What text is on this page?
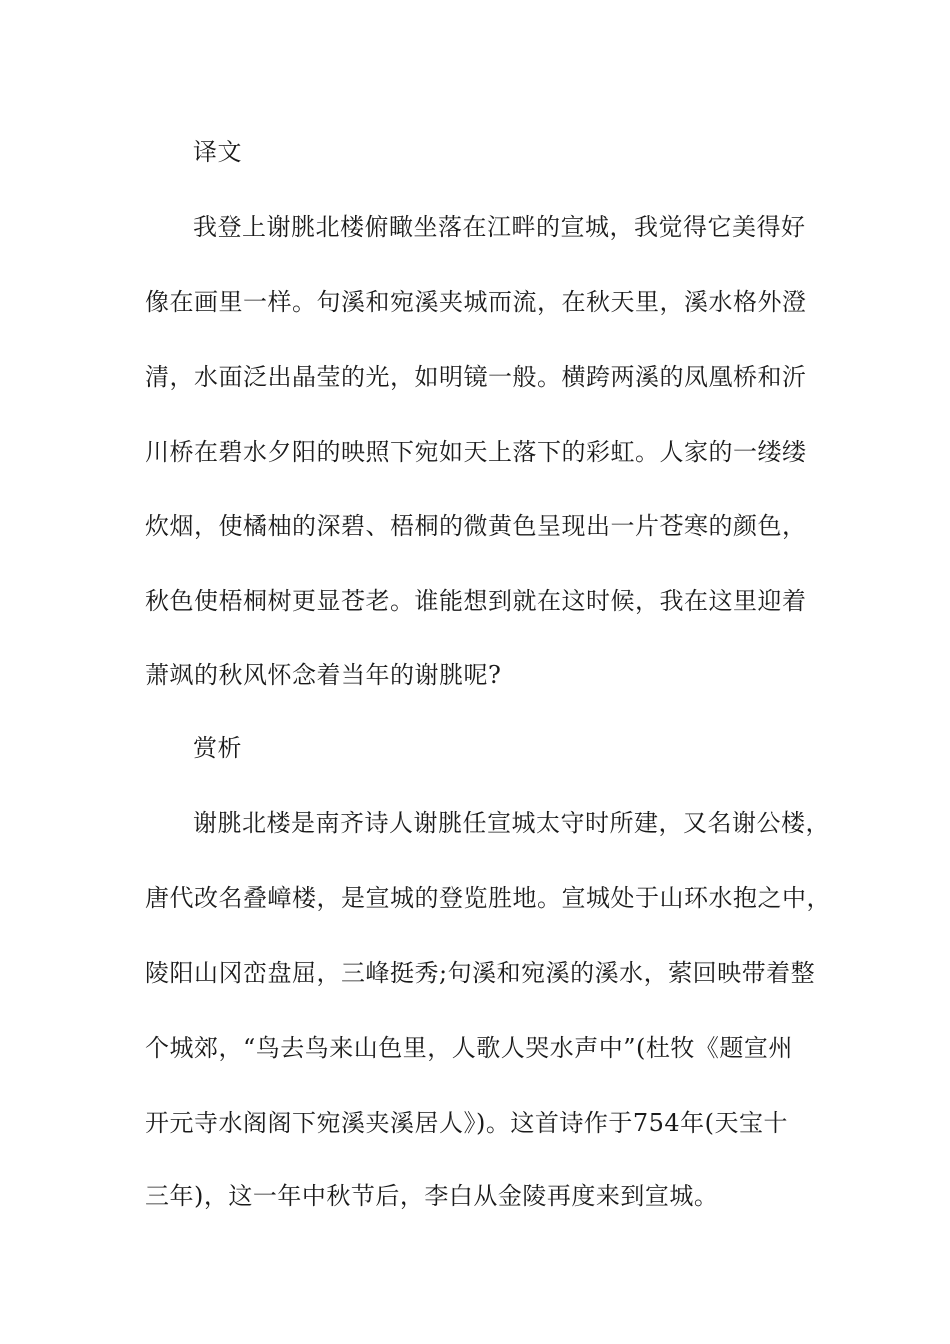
译文
我登上谢朓北楼俯瞰坐落在江畔的宣城，我觉得它美得好
像在画里一样。句溪和宛溪夹城而流，在秋天里，溪水格外澄
清，水面泛出晶莹的光，如明镜一般。横跨两溪的凤凰桥和沂
川桥在碧水夕阳的映照下宛如天上落下的彩虹。人家的一缕缕
炊烟，使橘柚的深碧、梧桐的微黄色呈现出一片苍寒的颜色，
秋色使梧桐树更显苍老。谁能想到就在这时候，我在这里迎着
萧飒的秋风怀念着当年的谢朓呢?
赏析
谢朓北楼是南齐诗人谢朓任宣城太守时所建，又名谢公楼，
唐代改名叠嶂楼，是宣城的登览胜地。宣城处于山环水抱之中，
陵阳山冈峦盘屈，三峰挺秀;句溪和宛溪的溪水，萦回映带着整
个城郊，“鸟去鸟来山色里，人歌人哭水声中”(杜牧《题宣州
开元寺水阁阁下宛溪夹溪居人》)。这首诗作于754年(天宝十
三年)，这一年中秋节后，李白从金陵再度来到宣城。
